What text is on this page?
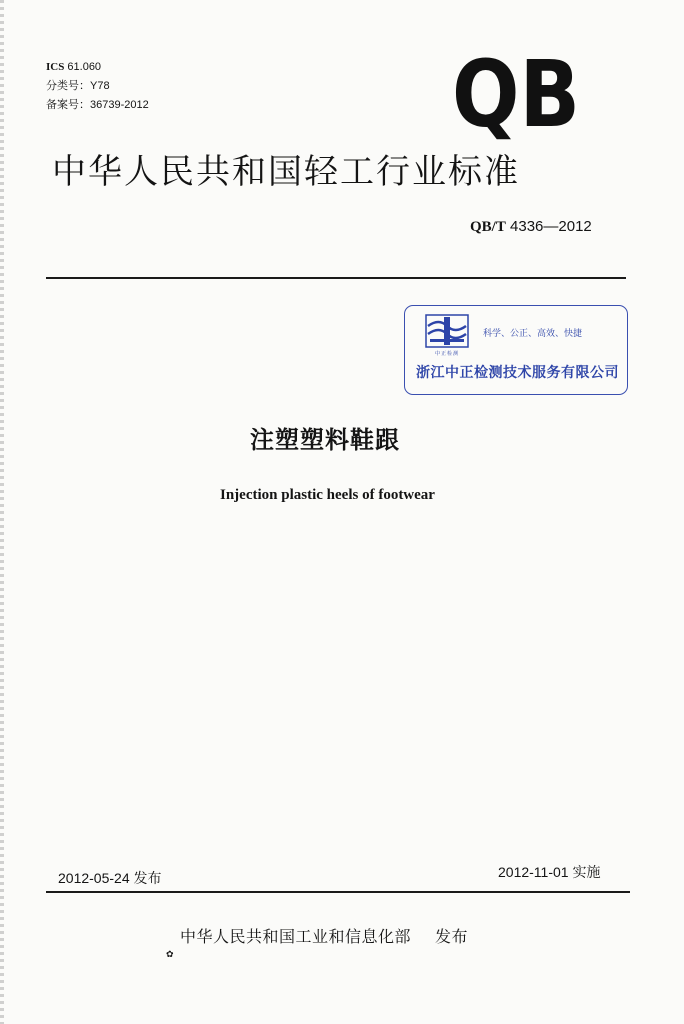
ICS 61.060
分类号：Y78
备案号：36739-2012	QB
中华人民共和国轻工行业标准
QB/T 4336—2012
中正检测
科学、公正、高效、快捷
浙江中正检测技术服务有限公司
注塑塑料鞋跟
Injection plastic heels of footwear
2012-05-24 发布	2012-11-01 实施
中华人民共和国工业和信息化部 发布
✿
